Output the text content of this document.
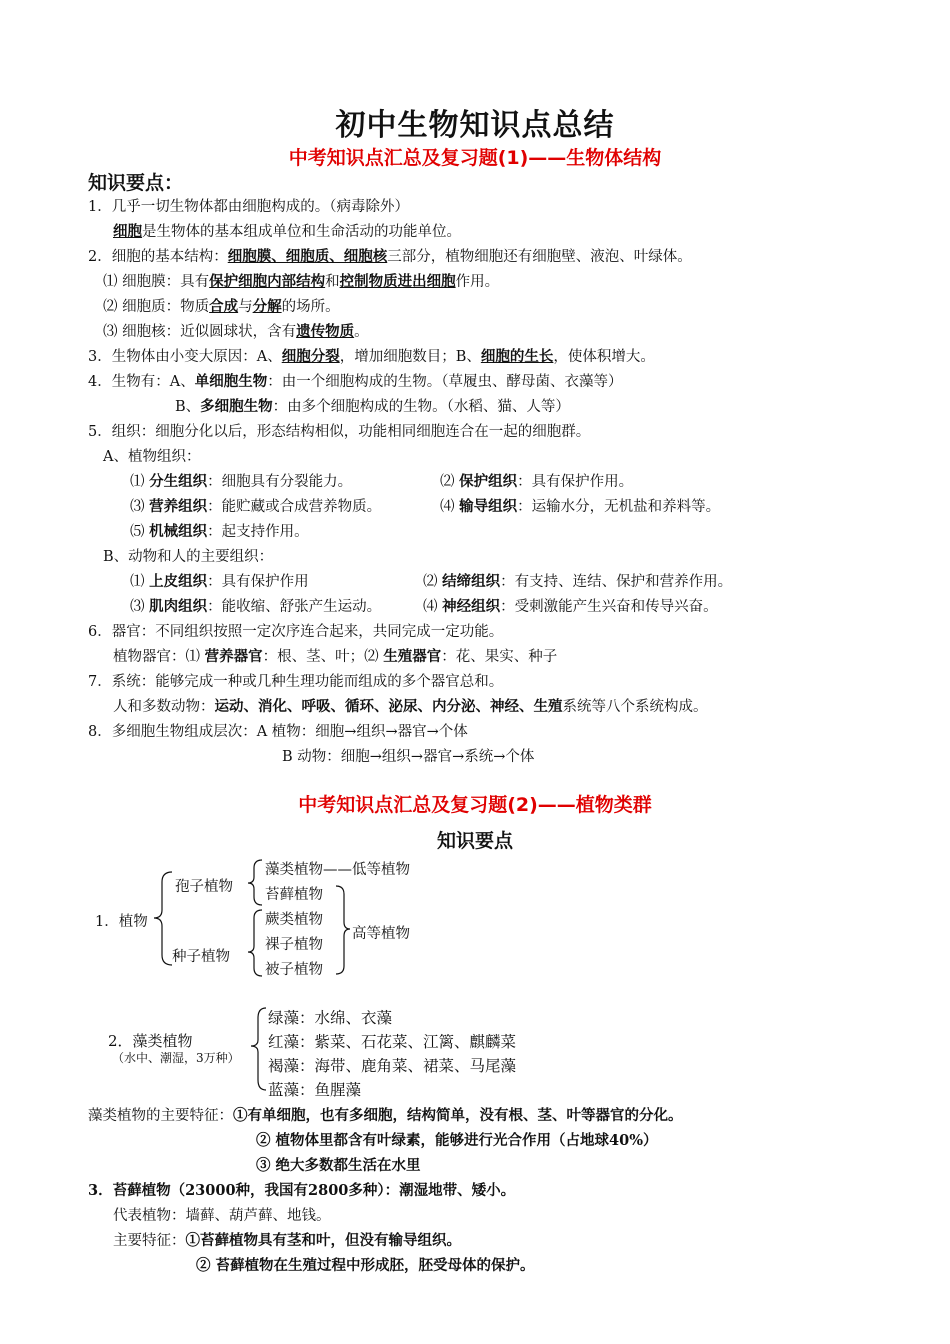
初中生物知识点总结
中考知识点汇总及复习题(1)——生物体结构
知识要点：
1．几乎一切生物体都由细胞构成的。（病毒除外）
细胞是生物体的基本组成单位和生命活动的功能单位。
2．细胞的基本结构：细胞膜、细胞质、细胞核三部分，植物细胞还有细胞壁、液泡、叶绿体。
⑴ 细胞膜：具有保护细胞内部结构和控制物质进出细胞作用。
⑵ 细胞质：物质合成与分解的场所。
⑶ 细胞核：近似圆球状，含有遗传物质。
3．生物体由小变大原因：A、细胞分裂，增加细胞数目；B、细胞的生长，使体积增大。
4．生物有：A、单细胞生物：由一个细胞构成的生物。（草履虫、酵母菌、衣藻等）
B、多细胞生物：由多个细胞构成的生物。（水稻、猫、人等）
5．组织：细胞分化以后，形态结构相似，功能相同细胞连合在一起的细胞群。
A、植物组织：
⑴ 分生组织：细胞具有分裂能力。	⑵ 保护组织：具有保护作用。
⑶ 营养组织：能贮藏或合成营养物质。	⑷ 输导组织：运输水分，无机盐和养料等。
⑸ 机械组织：起支持作用。
B、动物和人的主要组织：
⑴ 上皮组织：具有保护作用	⑵ 结缔组织：有支持、连结、保护和营养作用。
⑶ 肌肉组织：能收缩、舒张产生运动。	⑷ 神经组织：受刺激能产生兴奋和传导兴奋。
6．器官：不同组织按照一定次序连合起来，共同完成一定功能。
植物器官：⑴ 营养器官：根、茎、叶；⑵ 生殖器官：花、果实、种子
7．系统：能够完成一种或几种生理功能而组成的多个器官总和。
人和多数动物：运动、消化、呼吸、循环、泌尿、内分泌、神经、生殖系统等八个系统构成。
8．多细胞生物组成层次：A 植物：细胞→组织→器官→个体
B 动物：细胞→组织→器官→系统→个体
中考知识点汇总及复习题(2)——植物类群
知识要点
1．植物
孢子植物
种子植物
藻类植物——低等植物
苔藓植物
蕨类植物
裸子植物
被子植物
高等植物
2．藻类植物
（水中、潮湿，3万种）
绿藻：水绵、衣藻
红藻：紫菜、石花菜、江篱、麒麟菜
褐藻：海带、鹿角菜、裙菜、马尾藻
蓝藻：鱼腥藻
藻类植物的主要特征：①有单细胞，也有多细胞，结构简单，没有根、茎、叶等器官的分化。
② 植物体里都含有叶绿素，能够进行光合作用（占地球40%）
③ 绝大多数都生活在水里
3．苔藓植物（23000种，我国有2800多种）：潮湿地带、矮小。
代表植物：墙藓、葫芦藓、地钱。
主要特征：①苔藓植物具有茎和叶，但没有输导组织。
② 苔藓植物在生殖过程中形成胚，胚受母体的保护。
